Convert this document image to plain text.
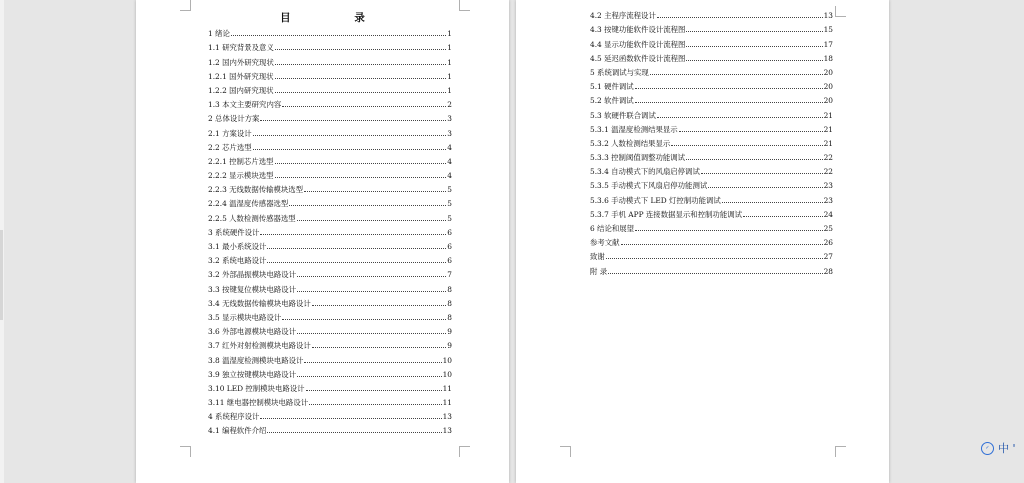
目 录
1 绪论	1
1.1 研究背景及意义	1
1.2 国内外研究现状	1
1.2.1 国外研究现状	1
1.2.2 国内研究现状	1
1.3 本文主要研究内容	2
2 总体设计方案	3
2.1 方案设计	3
2.2 芯片选型	4
2.2.1 控制芯片选型	4
2.2.2 显示模块选型	4
2.2.3 无线数据传输模块选型	5
2.2.4 温湿度传感器选型	5
2.2.5 人数检测传感器选型	5
3 系统硬件设计	6
3.1 最小系统设计	6
3.2 系统电路设计	6
3.2 外部晶振模块电路设计	7
3.3 按键复位模块电路设计	8
3.4 无线数据传输模块电路设计	8
3.5 显示模块电路设计	8
3.6 外部电源模块电路设计	9
3.7 红外对射检测模块电路设计	9
3.8 温湿度检测模块电路设计	10
3.9 独立按键模块电路设计	10
3.10 LED 控制模块电路设计	11
3.11 继电器控制模块电路设计	11
4 系统程序设计	13
4.1 编程软件介绍	13
4.2 主程序流程设计	13
4.3 按键功能软件设计流程图	15
4.4 显示功能软件设计流程图	17
4.5 延迟函数软件设计流程图	18
5 系统调试与实现	20
5.1 硬件调试	20
5.2 软件调试	20
5.3 软硬件联合调试	21
5.3.1 温湿度检测结果显示	21
5.3.2 人数检测结果显示	21
5.3.3 控制阈值调整功能调试	22
5.3.4 自动模式下的风扇启停调试	22
5.3.5 手动模式下风扇启停功能测试	23
5.3.6 手动模式下 LED 灯控制功能调试	23
5.3.7 手机 APP 连接数据显示和控制功能调试	24
6 结论和展望	25
参考文献	26
致谢	27
附 录	28
✓ 中 '
